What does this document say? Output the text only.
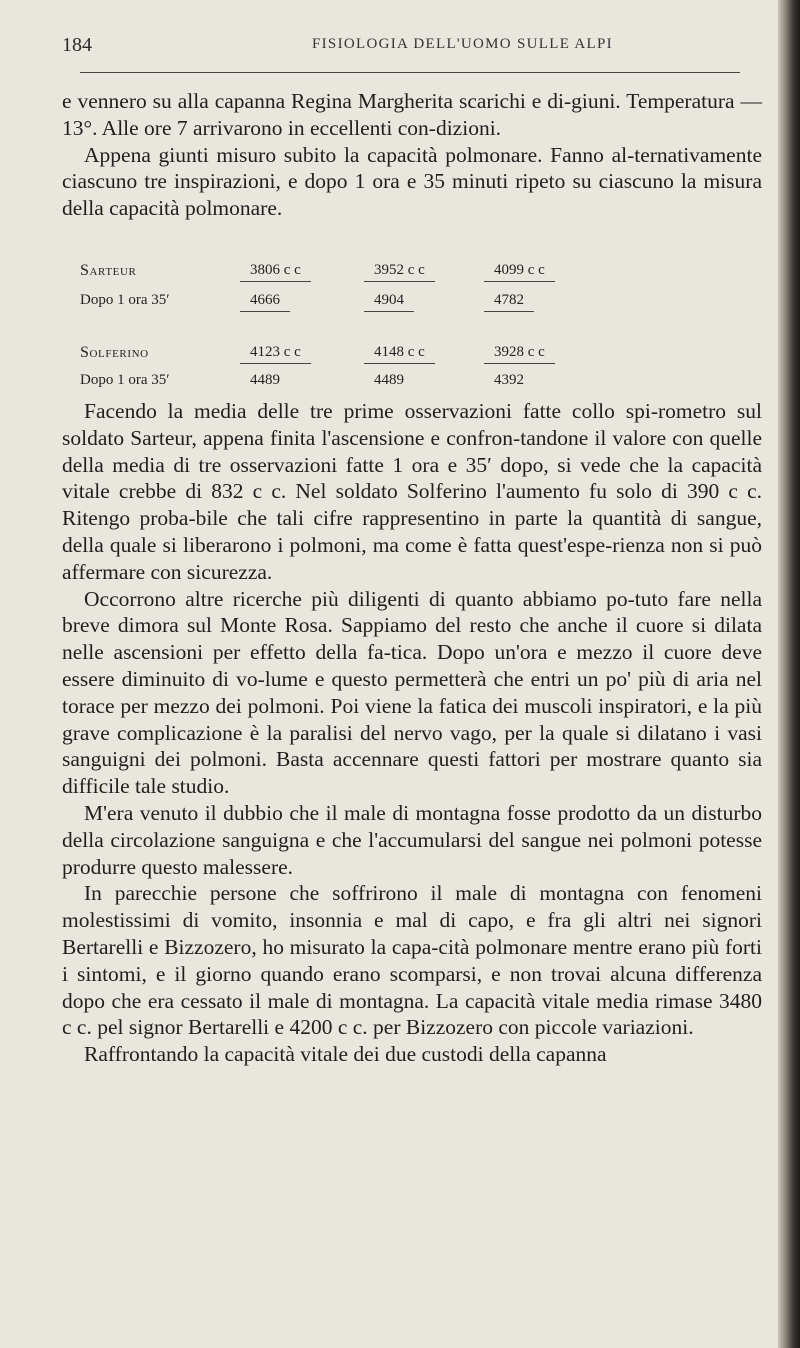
184	FISIOLOGIA DELL'UOMO SULLE ALPI

e vennero su alla capanna Regina Margherita scarichi e di-giuni. Temperatura —13°. Alle ore 7 arrivarono in eccellenti con-dizioni.

Appena giunti misuro subito la capacità polmonare. Fanno al-ternativamente ciascuno tre inspirazioni, e dopo 1 ora e 35 minuti ripeto su ciascuno la misura della capacità polmonare.

Sarteur	3806 c c	3952 c c	4099 c c
Dopo 1 ora 35′	4666	4904	4782
Solferino	4123 c c	4148 c c	3928 c c
Dopo 1 ora 35′	4489	4489	4392

Facendo la media delle tre prime osservazioni fatte collo spi-rometro sul soldato Sarteur, appena finita l'ascensione e confron-tandone il valore con quelle della media di tre osservazioni fatte 1 ora e 35′ dopo, si vede che la capacità vitale crebbe di 832 c c. Nel soldato Solferino l'aumento fu solo di 390 c c. Ritengo proba-bile che tali cifre rappresentino in parte la quantità di sangue, della quale si liberarono i polmoni, ma come è fatta quest'espe-rienza non si può affermare con sicurezza.

Occorrono altre ricerche più diligenti di quanto abbiamo po-tuto fare nella breve dimora sul Monte Rosa. Sappiamo del resto che anche il cuore si dilata nelle ascensioni per effetto della fa-tica. Dopo un'ora e mezzo il cuore deve essere diminuito di vo-lume e questo permetterà che entri un po' più di aria nel torace per mezzo dei polmoni. Poi viene la fatica dei muscoli inspiratori, e la più grave complicazione è la paralisi del nervo vago, per la quale si dilatano i vasi sanguigni dei polmoni. Basta accennare questi fattori per mostrare quanto sia difficile tale studio.

M'era venuto il dubbio che il male di montagna fosse prodotto da un disturbo della circolazione sanguigna e che l'accumularsi del sangue nei polmoni potesse produrre questo malessere.

In parecchie persone che soffrirono il male di montagna con fenomeni molestissimi di vomito, insonnia e mal di capo, e fra gli altri nei signori Bertarelli e Bizzozero, ho misurato la capa-cità polmonare mentre erano più forti i sintomi, e il giorno quando erano scomparsi, e non trovai alcuna differenza dopo che era cessato il male di montagna. La capacità vitale media rimase 3480 c c. pel signor Bertarelli e 4200 c c. per Bizzozero con piccole variazioni.

Raffrontando la capacità vitale dei due custodi della capanna
